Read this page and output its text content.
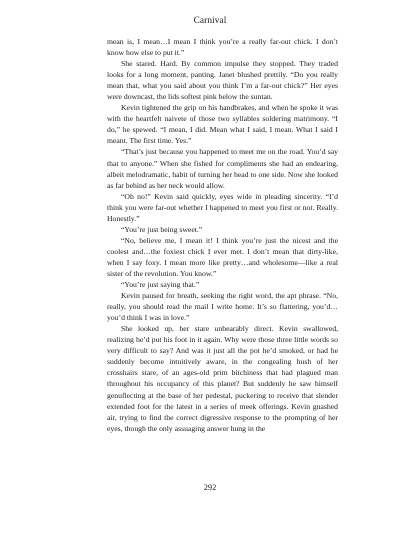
Carnival

mean is, I mean…I mean I think you’re a really far-out chick. I don’t know how else to put it.”

She stared. Hard. By common impulse they stopped. They traded looks for a long moment, panting. Janet blushed prettily. “Do you really mean that, what you said about you think I’m a far-out chick?” Her eyes were downcast, the lids softest pink below the suntan.

Kevin tightened the grip on his handbrakes, and when he spoke it was with the heartfelt naivete of those two syllables soldering matrimony. “I do,” he spewed. “I mean, I did. Mean what I said, I mean. What I said I meant. The first time. Yes.”

“That’s just because you happened to meet me on the road. You’d say that to anyone.” When she fished for compliments she had an endearing, albeit melodramatic, habit of turning her head to one side. Now she looked as far behind as her neck would allow.

“Oh no!” Kevin said quickly, eyes wide in pleading sincerity. “I’d think you were far-out whether I happened to meet you first or not. Really. Honestly.”

“You’re just being sweet.”

“No, believe me, I mean it! I think you’re just the nicest and the coolest and…the foxiest chick I ever met. I don’t mean that dirty-like, when I say foxy. I mean more like pretty…and wholesome—like a real sister of the revolution. You know.”

“You’re just saying that.”

Kevin paused for breath, seeking the right word, the apt phrase. “No, really, you should read the mail I write home. It’s so flattering, you’d…you’d think I was in love.”

She looked up, her stare unbearably direct. Kevin swallowed, realizing he’d put his foot in it again. Why were those three little words so very difficult to say? And was it just all the pot he’d smoked, or had he suddenly become intuitively aware, in the congealing hush of her crosshairs stare, of an ages-old prim bitchiness that had plagued man throughout his occupancy of this planet? But suddenly he saw himself genuflecting at the base of her pedestal, puckering to receive that slender extended foot for the latest in a series of meek offerings. Kevin gnashed air, trying to find the correct digressive response to the prompting of her eyes, though the only assuaging answer hung in the

292
